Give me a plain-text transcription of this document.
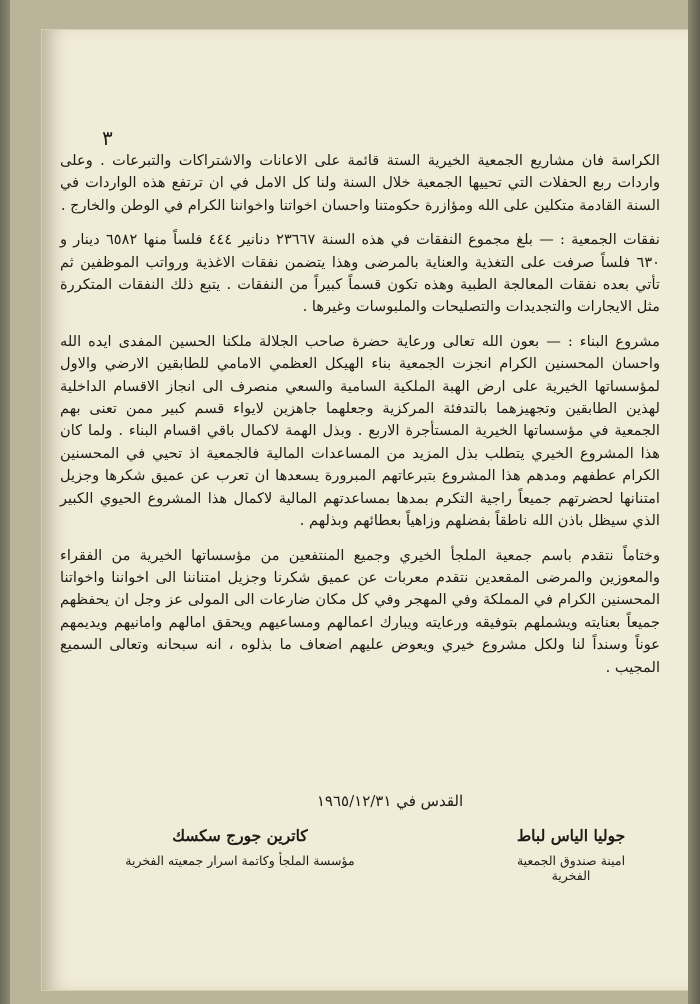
٣

الكراسة فان مشاريع الجمعية الخيرية الستة قائمة على الاعانات والاشتراكات والتبرعات . وعلى واردات ربع الحفلات التي تحييها الجمعية خلال السنة ولنا كل الامل في ان ترتفع هذه الواردات في السنة القادمة متكلين على الله ومؤازرة حكومتنا واحسان اخواتنا واخواننا الكرام في الوطن والخارج .

نفقات الجمعية : — بلغ مجموع النفقات في هذه السنة ٢٣٦٦٧ دنانير ٤٤٤ فلساً منها ٦٥٨٢ دينار و ٦٣٠ فلساً صرفت على التغذية والعناية بالمرضى وهذا يتضمن نفقات الاغذية ورواتب الموظفين ثم تأتي بعده نفقات المعالجة الطبية وهذه تكون قسماً كبيراً من النفقات . يتبع ذلك النفقات المتكررة مثل الايجارات والتجديدات والتصليحات والملبوسات وغيرها .

مشروع البناء : — بعون الله تعالى ورعاية حضرة صاحب الجلالة ملكنا الحسين المفدى ايده الله واحسان المحسنين الكرام انجزت الجمعية بناء الهيكل العظمي الامامي للطابقين الارضي والاول لمؤسساتها الخيرية على ارض الهبة الملكية السامية والسعي منصرف الى انجاز الاقسام الداخلية لهذين الطابقين وتجهيزهما بالتدفئة المركزية وجعلهما جاهزين لايواء قسم كبير ممن تعنى بهم الجمعية في مؤسساتها الخيرية المستأجرة الاربع . وبذل الهمة لاكمال باقي اقسام البناء . ولما كان هذا المشروع الخيري يتطلب بذل المزيد من المساعدات المالية فالجمعية اذ تحيي في المحسنين الكرام عطفهم ومدهم هذا المشروع بتبرعاتهم المبرورة يسعدها ان تعرب عن عميق شكرها وجزيل امتنانها لحضرتهم جميعاً راجية التكرم بمدها بمساعدتهم المالية لاكمال هذا المشروع الحيوي الكبير الذي سيظل باذن الله ناطقاً بفضلهم وزاهياً بعطائهم وبذلهم .

وختاماً نتقدم باسم جمعية الملجأ الخيري وجميع المنتفعين من مؤسساتها الخيرية من الفقراء والمعوزين والمرضى المقعدين نتقدم معربات عن عميق شكرنا وجزيل امتناننا الى اخواننا واخواتنا المحسنين الكرام في المملكة وفي المهجر وفي كل مكان ضارعات الى المولى عز وجل ان يحفظهم جميعاً بعنايته ويشملهم بتوفيقه ورعايته ويبارك اعمالهم ومساعيهم ويحقق امالهم وامانيهم ويديمهم عوناً وسنداً لنا ولكل مشروع خيري ويعوض عليهم اضعاف ما بذلوه ، انه سبحانه وتعالى السميع المجيب .

القدس في ١٩٦٥/١٢/٣١
جوليا الياس لباط
امينة صندوق الجمعية الفخرية
كاترين جورج سكسك
مؤسسة الملجأ وكاتمة اسرار جمعيته الفخرية
